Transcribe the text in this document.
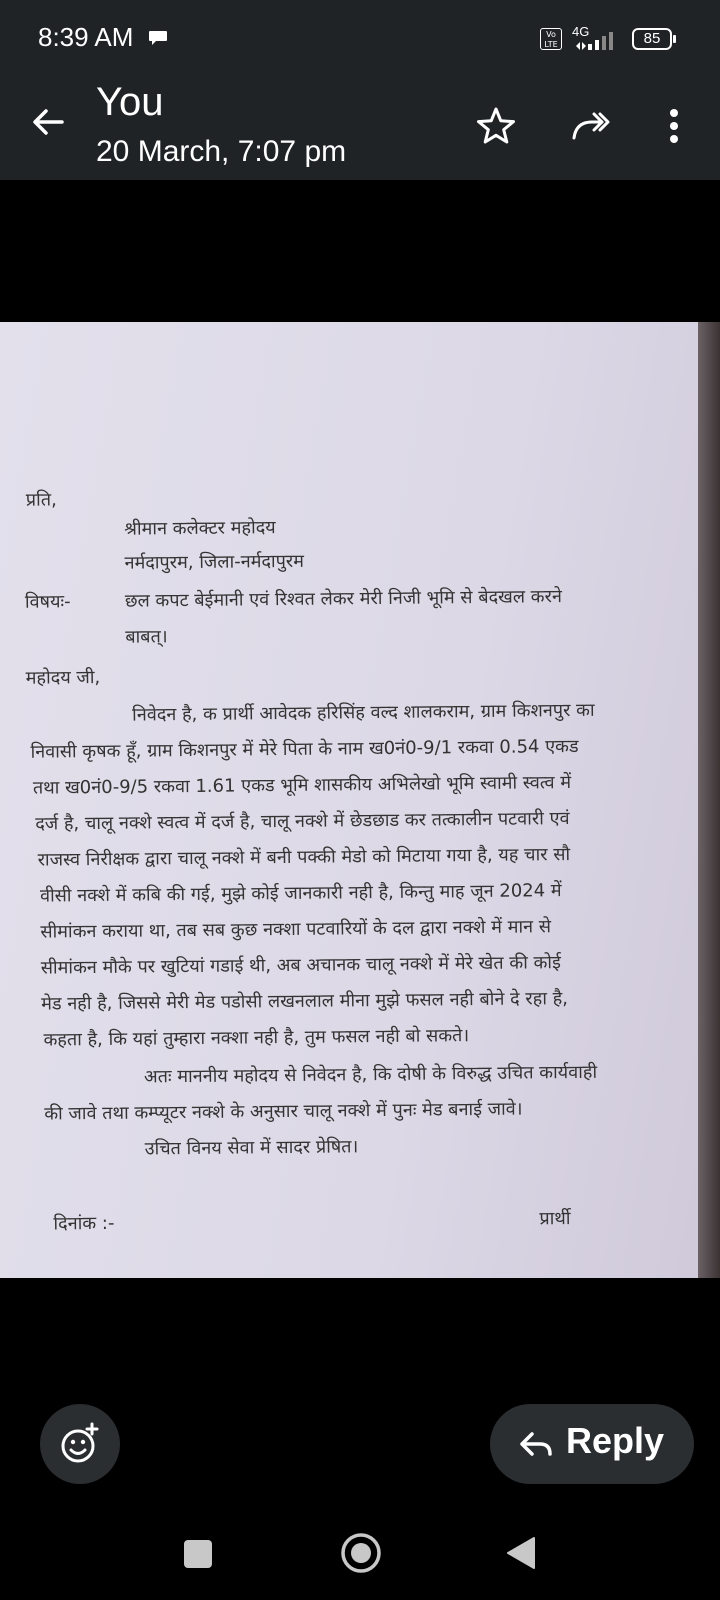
8:39 AM	Vo LTE
4G	85
You
20 March, 7:07 pm
प्रति,
श्रीमान कलेक्टर महोदय
नर्मदापुरम, जिला-नर्मदापुरम
विषयः-	छल कपट बेईमानी एवं रिश्वत लेकर मेरी निजी भूमि से बेदखल करने
बाबत्।
महोदय जी,
निवेदन है, क प्रार्थी आवेदक हरिसिंह वल्द शालकराम, ग्राम किशनपुर का
निवासी कृषक हूँ, ग्राम किशनपुर में मेरे पिता के नाम ख0नं0-9/1 रकवा 0.54 एकड
तथा ख0नं0-9/5 रकवा 1.61 एकड भूमि शासकीय अभिलेखो भूमि स्वामी स्वत्व में
दर्ज है, चालू नक्शे स्वत्व में दर्ज है, चालू नक्शे में छेडछाड कर तत्कालीन पटवारी एवं
राजस्व निरीक्षक द्वारा चालू नक्शे में बनी पक्की मेडो को मिटाया गया है, यह चार सौ
वीसी नक्शे में कबि की गई, मुझे कोई जानकारी नही है, किन्तु माह जून 2024 में
सीमांकन कराया था, तब सब कुछ नक्शा पटवारियों के दल द्वारा नक्शे में मान से
सीमांकन मौके पर खुटियां गडाई थी, अब अचानक चालू नक्शे में मेरे खेत की कोई
मेड नही है, जिससे मेरी मेड पडोसी लखनलाल मीना मुझे फसल नही बोने दे रहा है,
कहता है, कि यहां तुम्हारा नक्शा नही है, तुम फसल नही बो सकते।
अतः माननीय महोदय से निवेदन है, कि दोषी के विरुद्ध उचित कार्यवाही
की जावे तथा कम्प्यूटर नक्शे के अनुसार चालू नक्शे में पुनः मेड बनाई जावे।
उचित विनय सेवा में सादर प्रेषित।
दिनांक :-	प्रार्थी
Reply
